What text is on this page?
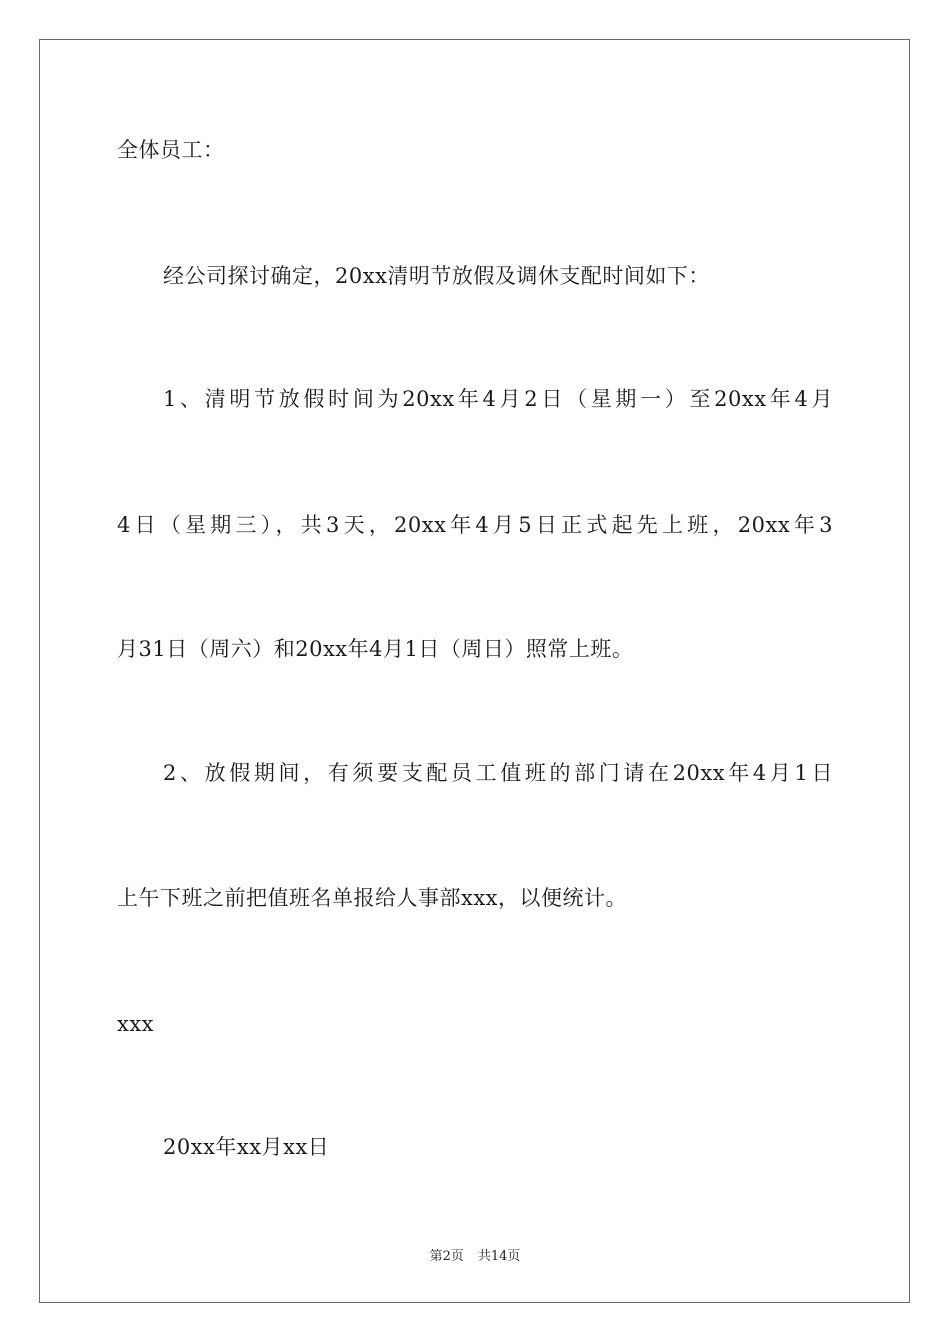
全体员工：
经公司探讨确定，20xx清明节放假及调休支配时间如下：
1、清明节放假时间为20xx年4月2日（星期一）至20xx年4月
4日（星期三），共3天，20xx年4月5日正式起先上班，20xx年3
月31日（周六）和20xx年4月1日（周日）照常上班。
2、放假期间，有须要支配员工值班的部门请在20xx年4月1日
上午下班之前把值班名单报给人事部xxx，以便统计。
xxx
20xx年xx月xx日
第2页 共14页
